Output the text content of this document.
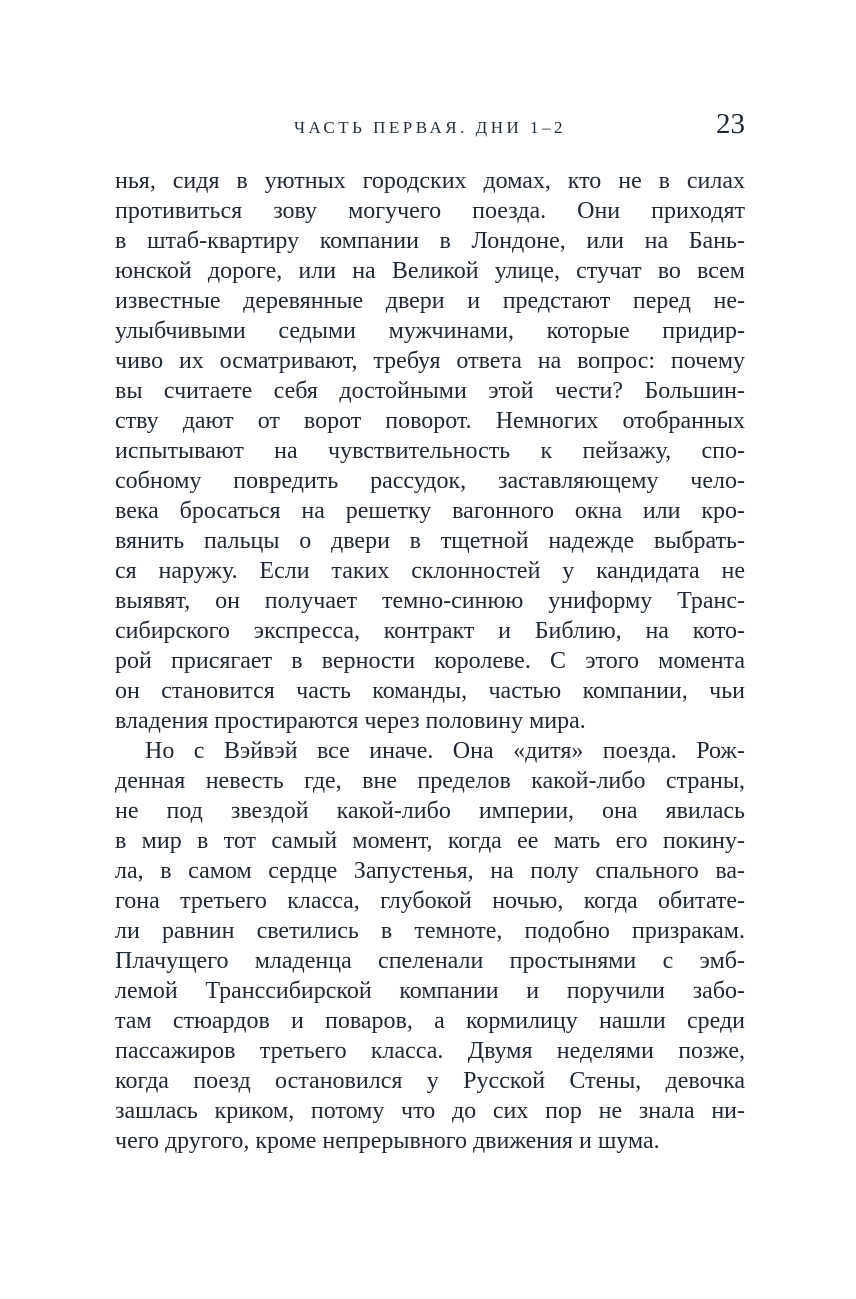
ЧАСТЬ ПЕРВАЯ. ДНИ 1–2	23
нья, сидя в уютных городских домах, кто не в силах
противиться зову могучего поезда. Они приходят
в штаб-квартиру компании в Лондоне, или на Бань-
юнской дороге, или на Великой улице, стучат во всем
известные деревянные двери и предстают перед не-
улыбчивыми седыми мужчинами, которые придир-
чиво их осматривают, требуя ответа на вопрос: почему
вы считаете себя достойными этой чести? Большин-
ству дают от ворот поворот. Немногих отобранных
испытывают на чувствительность к пейзажу, спо-
собному повредить рассудок, заставляющему чело-
века бросаться на решетку вагонного окна или кро-
вянить пальцы о двери в тщетной надежде выбрать-
ся наружу. Если таких склонностей у кандидата не
выявят, он получает темно-синюю униформу Транс-
сибирского экспресса, контракт и Библию, на кото-
рой присягает в верности королеве. С этого момента
он становится часть команды, частью компании, чьи
владения простираются через половину мира.
Но с Вэйвэй все иначе. Она «дитя» поезда. Рож-
денная невесть где, вне пределов какой-либо страны,
не под звездой какой-либо империи, она явилась
в мир в тот самый момент, когда ее мать его покину-
ла, в самом сердце Запустенья, на полу спального ва-
гона третьего класса, глубокой ночью, когда обитате-
ли равнин светились в темноте, подобно призракам.
Плачущего младенца спеленали простынями с эмб-
лемой Транссибирской компании и поручили забо-
там стюардов и поваров, а кормилицу нашли среди
пассажиров третьего класса. Двумя неделями позже,
когда поезд остановился у Русской Стены, девочка
зашлась криком, потому что до сих пор не знала ни-
чего другого, кроме непрерывного движения и шума.
